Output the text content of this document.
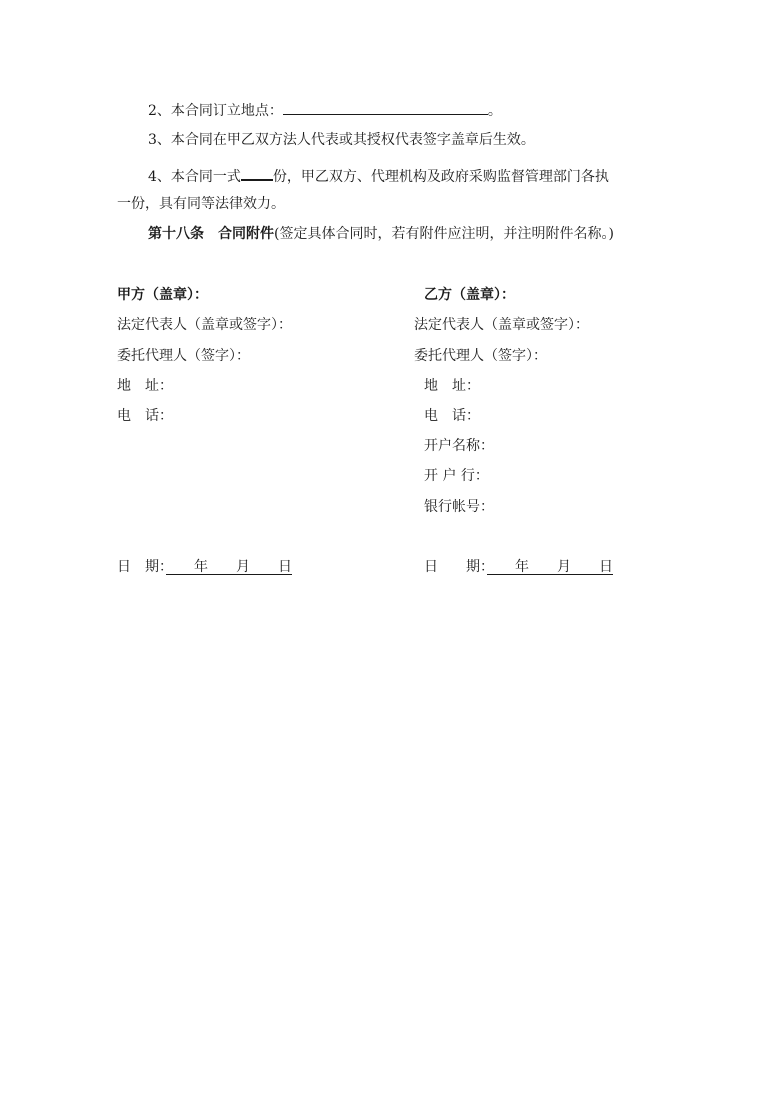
2、本合同订立地点：	。
3、本合同在甲乙双方法人代表或其授权代表签字盖章后生效。
4、本合同一式 份，甲乙双方、代理机构及政府采购监督管理部门各执
一份，具有同等法律效力。
第十八条　合同附件(签定具体合同时，若有附件应注明，并注明附件名称。)
甲方（盖章）：
法定代表人（盖章或签字）：
委托代理人（签字）：
地　址：
电　话：
日　期：　　年　　月　　日
乙方（盖章）：
法定代表人（盖章或签字）：
委托代理人（签字）：
地　址：
电　话：
开户名称：
开 户 行：
银行帐号：
日　　期：　　年　　月　　日
